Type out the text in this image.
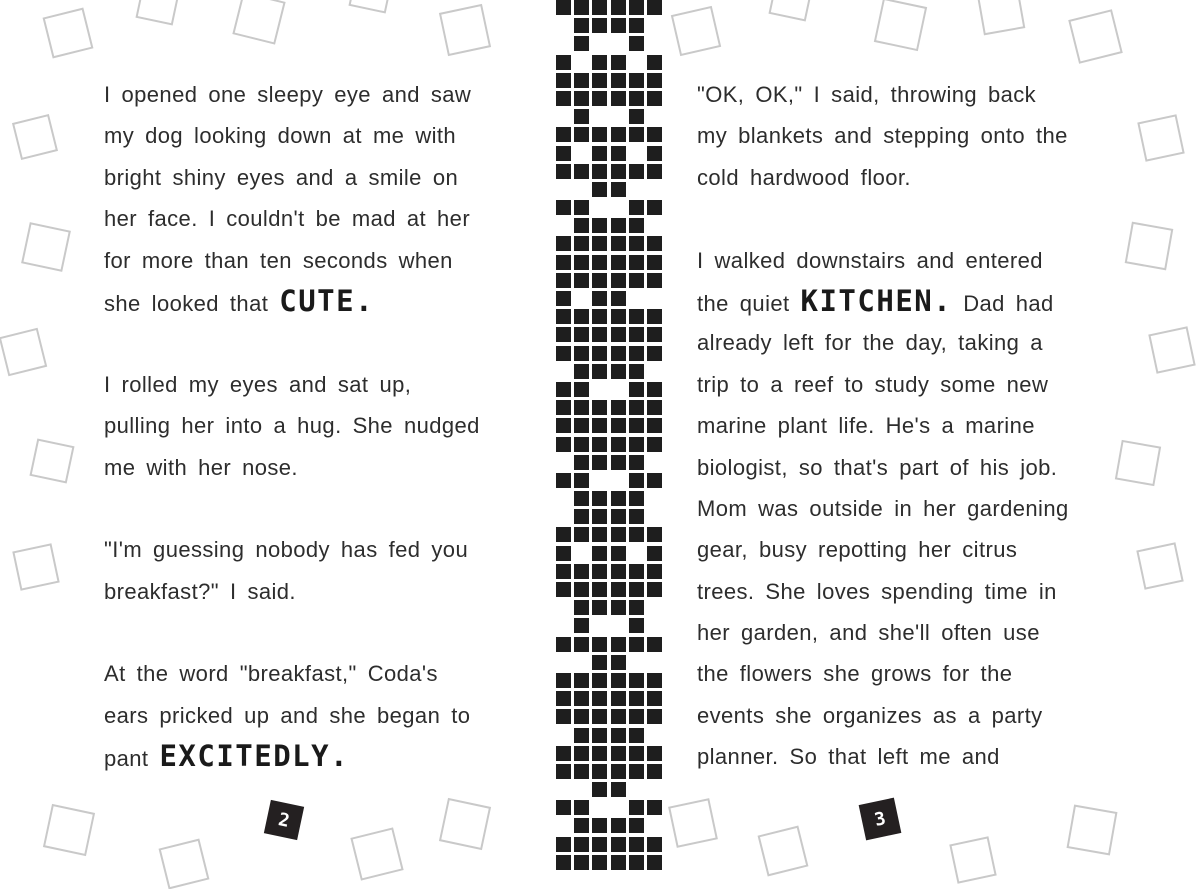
I opened one sleepy eye and saw
my dog looking down at me with
bright shiny eyes and a smile on
her face. I couldn't be mad at her
for more than ten seconds when
she looked that CUTE.
I rolled my eyes and sat up,
pulling her into a hug. She nudged
me with her nose.
"I'm guessing nobody has fed you
breakfast?" I said.
At the word "breakfast," Coda's
ears pricked up and she began to
pant EXCITEDLY.
"OK, OK," I said, throwing back
my blankets and stepping onto the
cold hardwood floor.
I walked downstairs and entered
the quiet KITCHEN. Dad had
already left for the day, taking a
trip to a reef to study some new
marine plant life. He's a marine
biologist, so that's part of his job.
Mom was outside in her gardening
gear, busy repotting her citrus
trees. She loves spending time in
her garden, and she'll often use
the flowers she grows for the
events she organizes as a party
planner. So that left me and
2	3
